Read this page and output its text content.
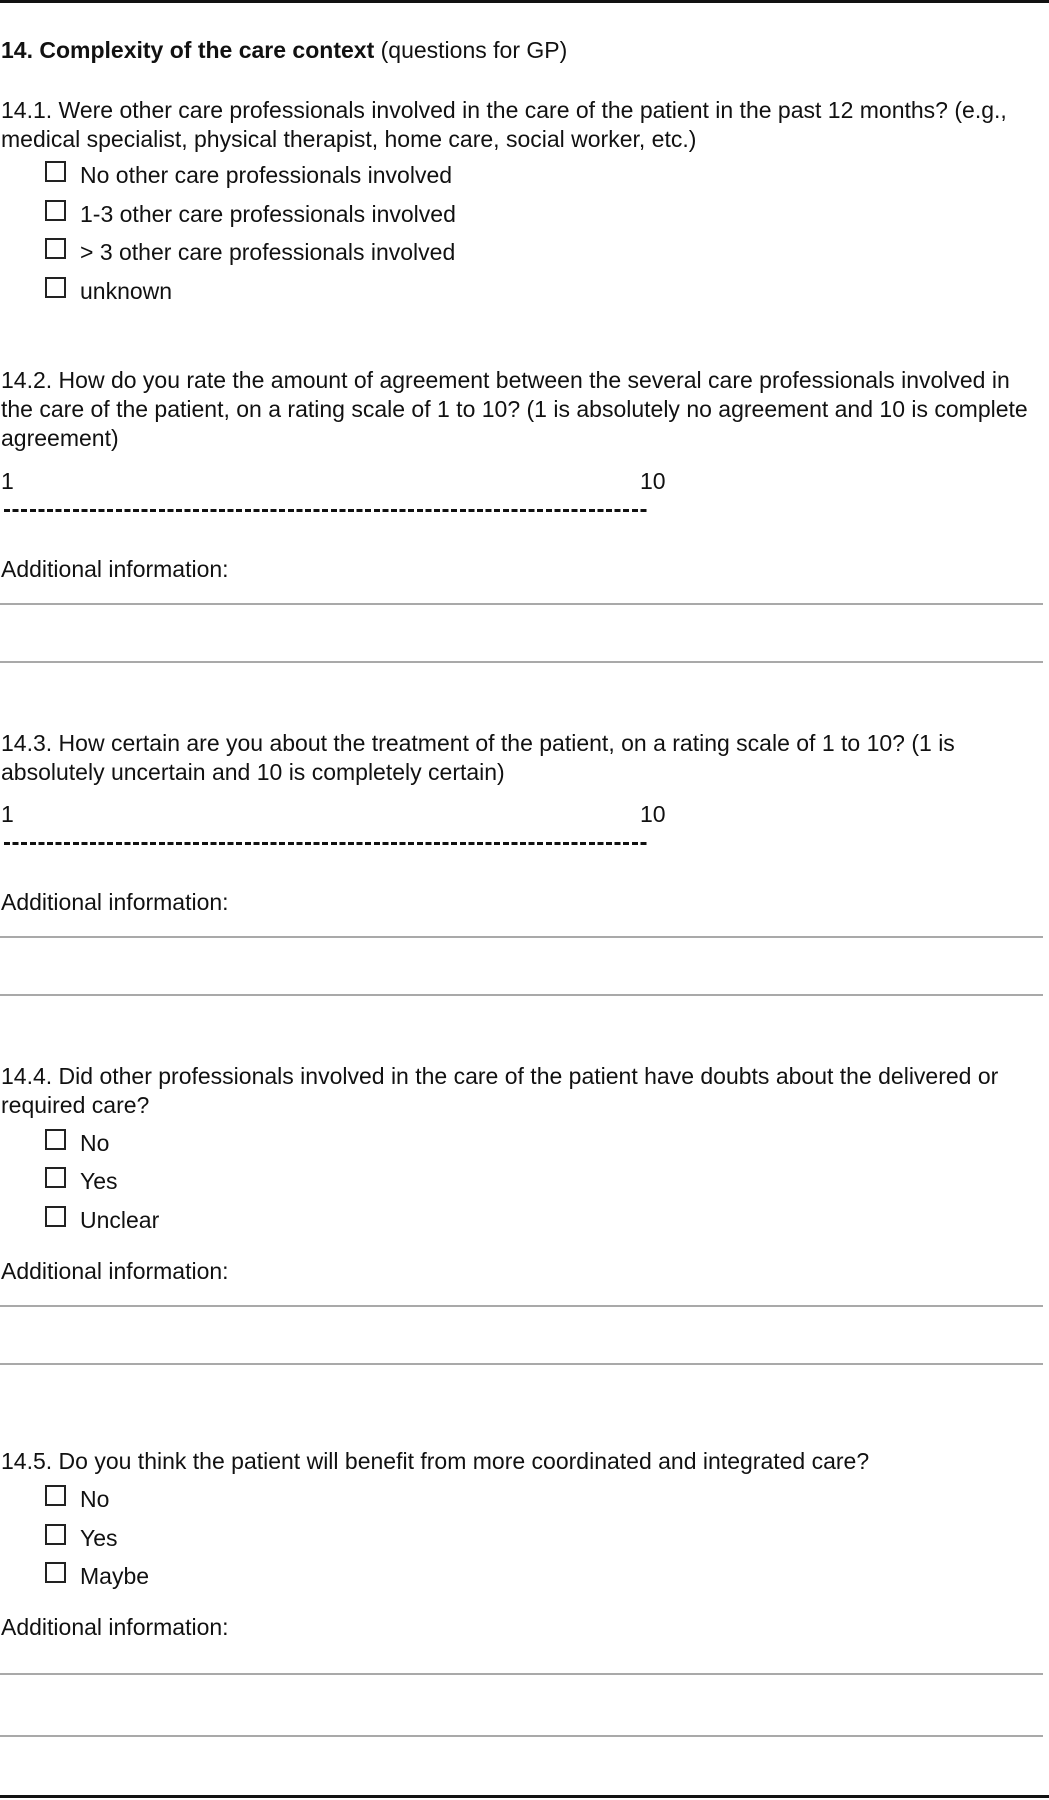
14. Complexity of the care context (questions for GP)
14.1. Were other care professionals involved in the care of the patient in the past 12 months? (e.g., medical specialist, physical therapist, home care, social worker, etc.)
No other care professionals involved
1-3 other care professionals involved
> 3 other care professionals involved
unknown
14.2. How do you rate the amount of agreement between the several care professionals involved in the care of the patient, on a rating scale of 1 to 10? (1 is absolutely no agreement and 10 is complete agreement)
1	10
Additional information:
14.3. How certain are you about the treatment of the patient, on a rating scale of 1 to 10? (1 is absolutely uncertain and 10 is completely certain)
1	10
Additional information:
14.4. Did other professionals involved in the care of the patient have doubts about the delivered or required care?
No
Yes
Unclear
Additional information:
14.5. Do you think the patient will benefit from more coordinated and integrated care?
No
Yes
Maybe
Additional information:
